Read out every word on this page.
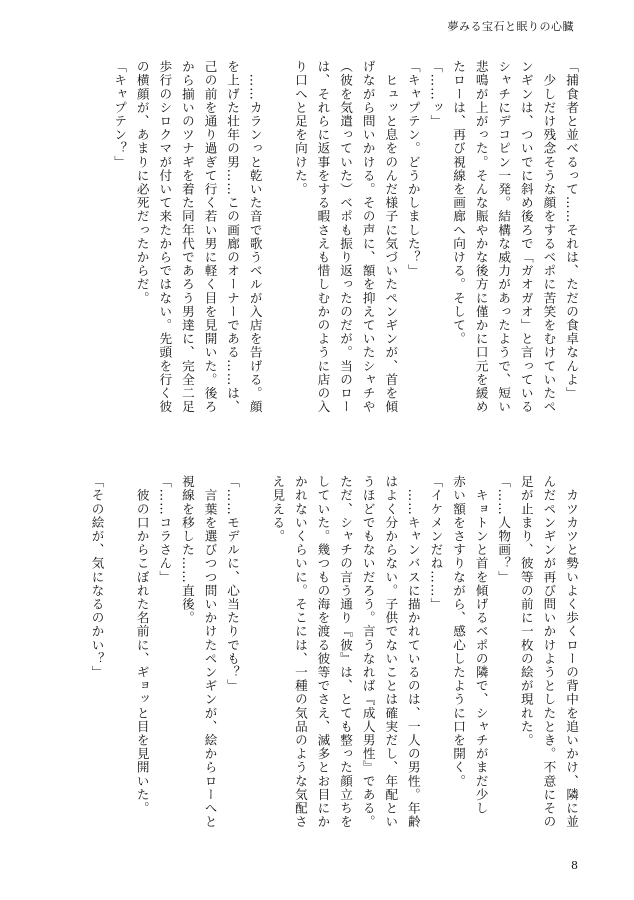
夢みる宝石と眠りの心臓

「捕食者と並べるって……それは、ただの食卓なんよ」

　少しだけ残念そうな顔をするベポに苦笑をむけていたペ

ンギンは、ついでに斜め後ろで「ガオガオ」と言っている

シャチにデコピン一発。結構な威力があったようで、短い

悲鳴が上がった。そんな賑やかな後方に僅かに口元を緩め

たローは、再び視線を画廊へ向ける。そして。

「……ッ」

「キャプテン。どうかしました？」

　ヒュッと息をのんだ様子に気づいたペンギンが、首を傾

げながら問いかける。その声に、額を抑えていたシャチや

（彼を気遣っていた）ベポも振り返ったのだが。当のロー

は、それらに返事をする暇さえも惜しむかのように店の入

り口へと足を向けた。

　……カランっと乾いた音で歌うベルが入店を告げる。顔

を上げた壮年の男……この画廊のオーナーである……は、

己の前を通り過ぎて行く若い男に軽く目を見開いた。後ろ

から揃いのツナギを着た同年代であろう男達に、完全二足

歩行のシロクマが付いて来たからではない。先頭を行く彼

の横顔が、あまりに必死だったからだ。

「キャプテン？」

　カツカツと勢いよく歩くローの背中を追いかけ、隣に並

んだペンギンが再び問いかけようとしたとき。不意にその

足が止まり、彼等の前に一枚の絵が現れた。

「……人物画？」

　キョトンと首を傾げるベポの隣で、シャチがまだ少し

赤い額をさすりながら、感心したように口を開く。

「イケメンだね……」

　……キャンバスに描かれているのは、一人の男性。年齢

はよく分からない。子供でないことは確実だし、年配とい

うほどでもないだろう。言うなれば『成人男性』である。

ただ、シャチの言う通り『彼』は、とても整った顔立ちを

していた。幾つもの海を渡る彼等でさえ、滅多とお目にか

かれないくらいに。そこには、一種の気品のような気配さ

え見える。

「……モデルに、心当たりでも？」

　言葉を選びつつ問いかけたペンギンが、絵からローへと

視線を移した……直後。

「……コラさん」

　彼の口からこぼれた名前に、ギョッと目を見開いた。

「その絵が、気になるのかい？」

8
